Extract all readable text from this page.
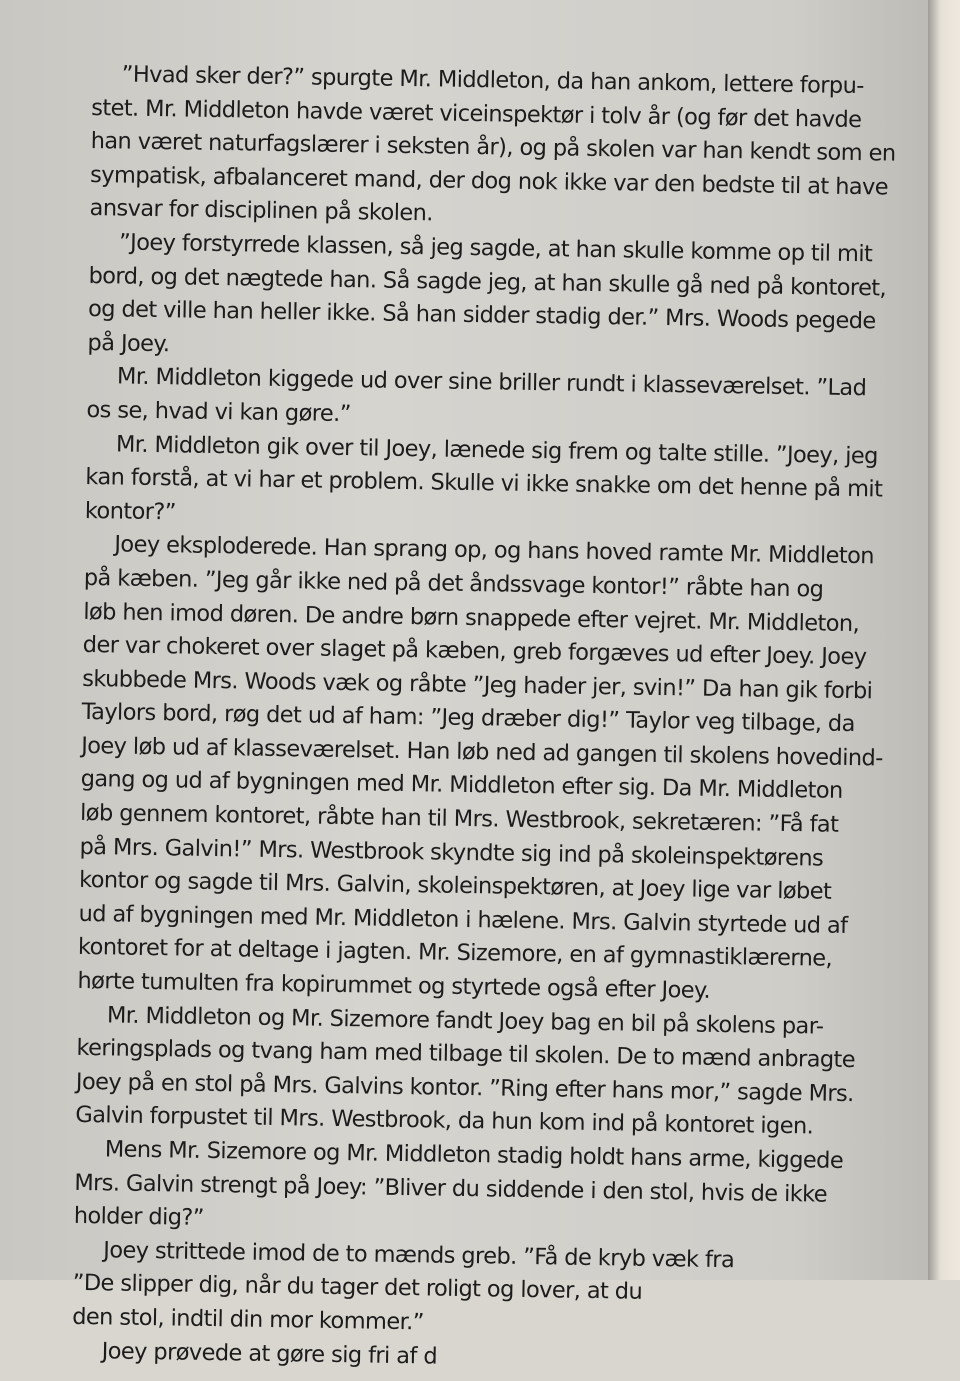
”Hvad sker der?” spurgte Mr. Middleton, da han ankom, lettere forpu-
stet. Mr. Middleton havde været viceinspektør i tolv år (og før det havde
han været naturfagslærer i seksten år), og på skolen var han kendt som en
sympatisk, afbalanceret mand, der dog nok ikke var den bedste til at have
ansvar for disciplinen på skolen.
”Joey forstyrrede klassen, så jeg sagde, at han skulle komme op til mit
bord, og det nægtede han. Så sagde jeg, at han skulle gå ned på kontoret,
og det ville han heller ikke. Så han sidder stadig der.” Mrs. Woods pegede
på Joey.
Mr. Middleton kiggede ud over sine briller rundt i klasseværelset. ”Lad
os se, hvad vi kan gøre.”
Mr. Middleton gik over til Joey, lænede sig frem og talte stille. ”Joey, jeg
kan forstå, at vi har et problem. Skulle vi ikke snakke om det henne på mit
kontor?”
Joey eksploderede. Han sprang op, og hans hoved ramte Mr. Middleton
på kæben. ”Jeg går ikke ned på det åndssvage kontor!” råbte han og
løb hen imod døren. De andre børn snappede efter vejret. Mr. Middleton,
der var chokeret over slaget på kæben, greb forgæves ud efter Joey. Joey
skubbede Mrs. Woods væk og råbte ”Jeg hader jer, svin!” Da han gik forbi
Taylors bord, røg det ud af ham: ”Jeg dræber dig!” Taylor veg tilbage, da
Joey løb ud af klasseværelset. Han løb ned ad gangen til skolens hovedind-
gang og ud af bygningen med Mr. Middleton efter sig. Da Mr. Middleton
løb gennem kontoret, råbte han til Mrs. Westbrook, sekretæren: ”Få fat
på Mrs. Galvin!” Mrs. Westbrook skyndte sig ind på skoleinspektørens
kontor og sagde til Mrs. Galvin, skoleinspektøren, at Joey lige var løbet
ud af bygningen med Mr. Middleton i hælene. Mrs. Galvin styrtede ud af
kontoret for at deltage i jagten. Mr. Sizemore, en af gymnastiklærerne,
hørte tumulten fra kopirummet og styrtede også efter Joey.
Mr. Middleton og Mr. Sizemore fandt Joey bag en bil på skolens par-
keringsplads og tvang ham med tilbage til skolen. De to mænd anbragte
Joey på en stol på Mrs. Galvins kontor. ”Ring efter hans mor,” sagde Mrs.
Galvin forpustet til Mrs. Westbrook, da hun kom ind på kontoret igen.
Mens Mr. Sizemore og Mr. Middleton stadig holdt hans arme, kiggede
Mrs. Galvin strengt på Joey: ”Bliver du siddende i den stol, hvis de ikke
holder dig?”
Joey strittede imod de to mænds greb. ”Få de kryb væk fra
”De slipper dig, når du tager det roligt og lover, at du
den stol, indtil din mor kommer.”
Joey prøvede at gøre sig fri af d
